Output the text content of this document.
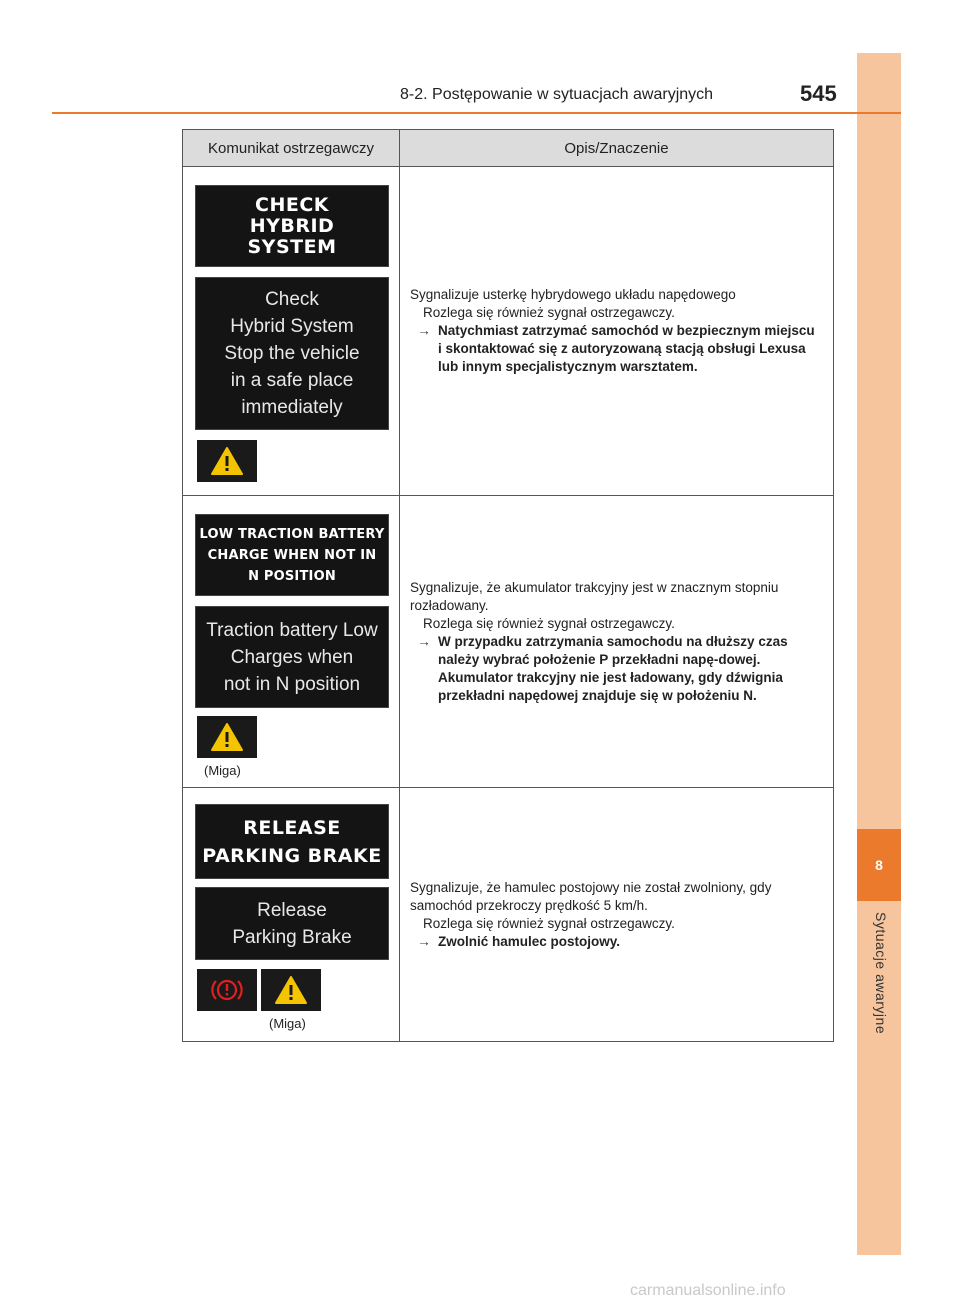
8
Sytuacje awaryjne
8-2. Postępowanie w sytuacjach awaryjnych	545
Komunikat ostrzegawczy	Opis/Znaczenie
CHECK
HYBRID
SYSTEM
Check
Hybrid System
Stop the vehicle
in a safe place
immediately

Sygnalizuje usterkę hybrydowego układu napędowego

Rozlega się również sygnał ostrzegawczy.

→ Natychmiast zatrzymać samochód w bezpiecznym miejscu i skontaktować się z autoryzowaną stacją obsługi Lexusa lub innym specjalistycznym warsztatem.

LOW TRACTION BATTERY
CHARGE WHEN NOT IN
N POSITION
Traction battery Low
Charges when
not in N position
(Miga)

Sygnalizuje, że akumulator trakcyjny jest w znacznym stopniu rozładowany.

Rozlega się również sygnał ostrzegawczy.

→ W przypadku zatrzymania samochodu na dłuższy czas należy wybrać położenie P przekładni napę-dowej. Akumulator trakcyjny nie jest ładowany, gdy dźwignia przekładni napędowej znajduje się w położeniu N.

RELEASE
PARKING BRAKE
Release
Parking Brake
(Miga)

Sygnalizuje, że hamulec postojowy nie został zwolniony, gdy samochód przekroczy prędkość 5 km/h.

Rozlega się również sygnał ostrzegawczy.

→ Zwolnić hamulec postojowy.

carmanualsonline.info
